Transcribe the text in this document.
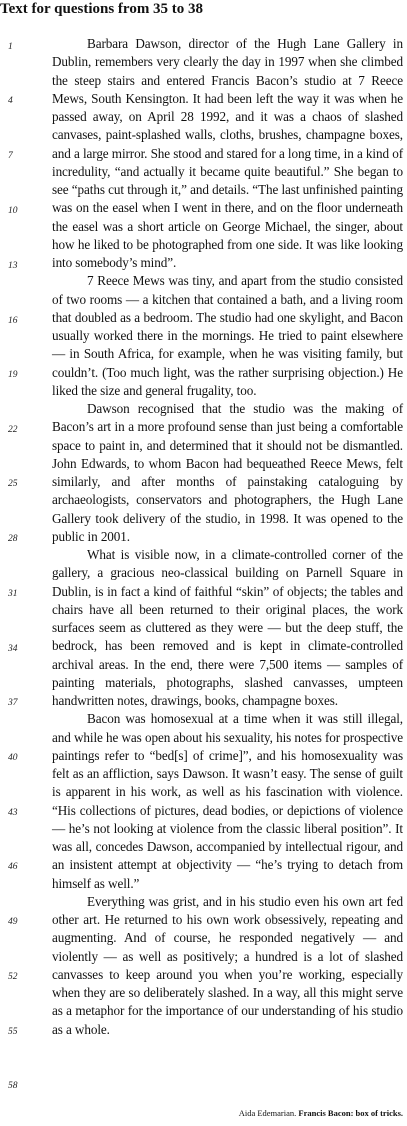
Text for questions from 35 to 38
1
4
7
10
13
16
19
22
25
28
31
34
37
40
43
46
49
52
55
58

Barbara Dawson, director of the Hugh Lane Gallery in Dublin, remembers very clearly the day in 1997 when she climbed the steep stairs and entered Francis Bacon’s studio at 7 Reece Mews, South Kensington. It had been left the way it was when he passed away, on April 28 1992, and it was a chaos of slashed canvases, paint-splashed walls, cloths, brushes, champagne boxes, and a large mirror. She stood and stared for a long time, in a kind of incredulity, “and actually it became quite beautiful.” She began to see “paths cut through it,” and details. “The last unfinished painting was on the easel when I went in there, and on the floor underneath the easel was a short article on George Michael, the singer, about how he liked to be photographed from one side. It was like looking into somebody’s mind”.

7 Reece Mews was tiny, and apart from the studio consisted of two rooms — a kitchen that contained a bath, and a living room that doubled as a bedroom. The studio had one skylight, and Bacon usually worked there in the mornings. He tried to paint elsewhere — in South Africa, for example, when he was visiting family, but couldn’t. (Too much light, was the rather surprising objection.) He liked the size and general frugality, too.

Dawson recognised that the studio was the making of Bacon’s art in a more profound sense than just being a comfortable space to paint in, and determined that it should not be dismantled. John Edwards, to whom Bacon had bequeathed Reece Mews, felt similarly, and after months of painstaking cataloguing by archaeologists, conservators and photographers, the Hugh Lane Gallery took delivery of the studio, in 1998. It was opened to the public in 2001.

What is visible now, in a climate-controlled corner of the gallery, a gracious neo-classical building on Parnell Square in Dublin, is in fact a kind of faithful “skin” of objects; the tables and chairs have all been returned to their original places, the work surfaces seem as cluttered as they were — but the deep stuff, the bedrock, has been removed and is kept in climate-controlled archival areas. In the end, there were 7,500 items — samples of painting materials, photographs, slashed canvasses, umpteen handwritten notes, drawings, books, champagne boxes.

Bacon was homosexual at a time when it was still illegal, and while he was open about his sexuality, his notes for prospective paintings refer to “bed[s] of crime]”, and his homosexuality was felt as an affliction, says Dawson. It wasn’t easy. The sense of guilt is apparent in his work, as well as his fascination with violence. “His collections of pictures, dead bodies, or depictions of violence — he’s not looking at violence from the classic liberal position”. It was all, concedes Dawson, accompanied by intellectual rigour, and an insistent attempt at objectivity — “he’s trying to detach from himself as well.”

Everything was grist, and in his studio even his own art fed other art. He returned to his own work obsessively, repeating and augmenting. And of course, he responded negatively — and violently — as well as positively; a hundred is a lot of slashed canvasses to keep around you when you’re working, especially when they are so deliberately slashed. In a way, all this might serve as a metaphor for the importance of our understanding of his studio as a whole.

Aida Edemarian. Francis Bacon: box of tricks.
